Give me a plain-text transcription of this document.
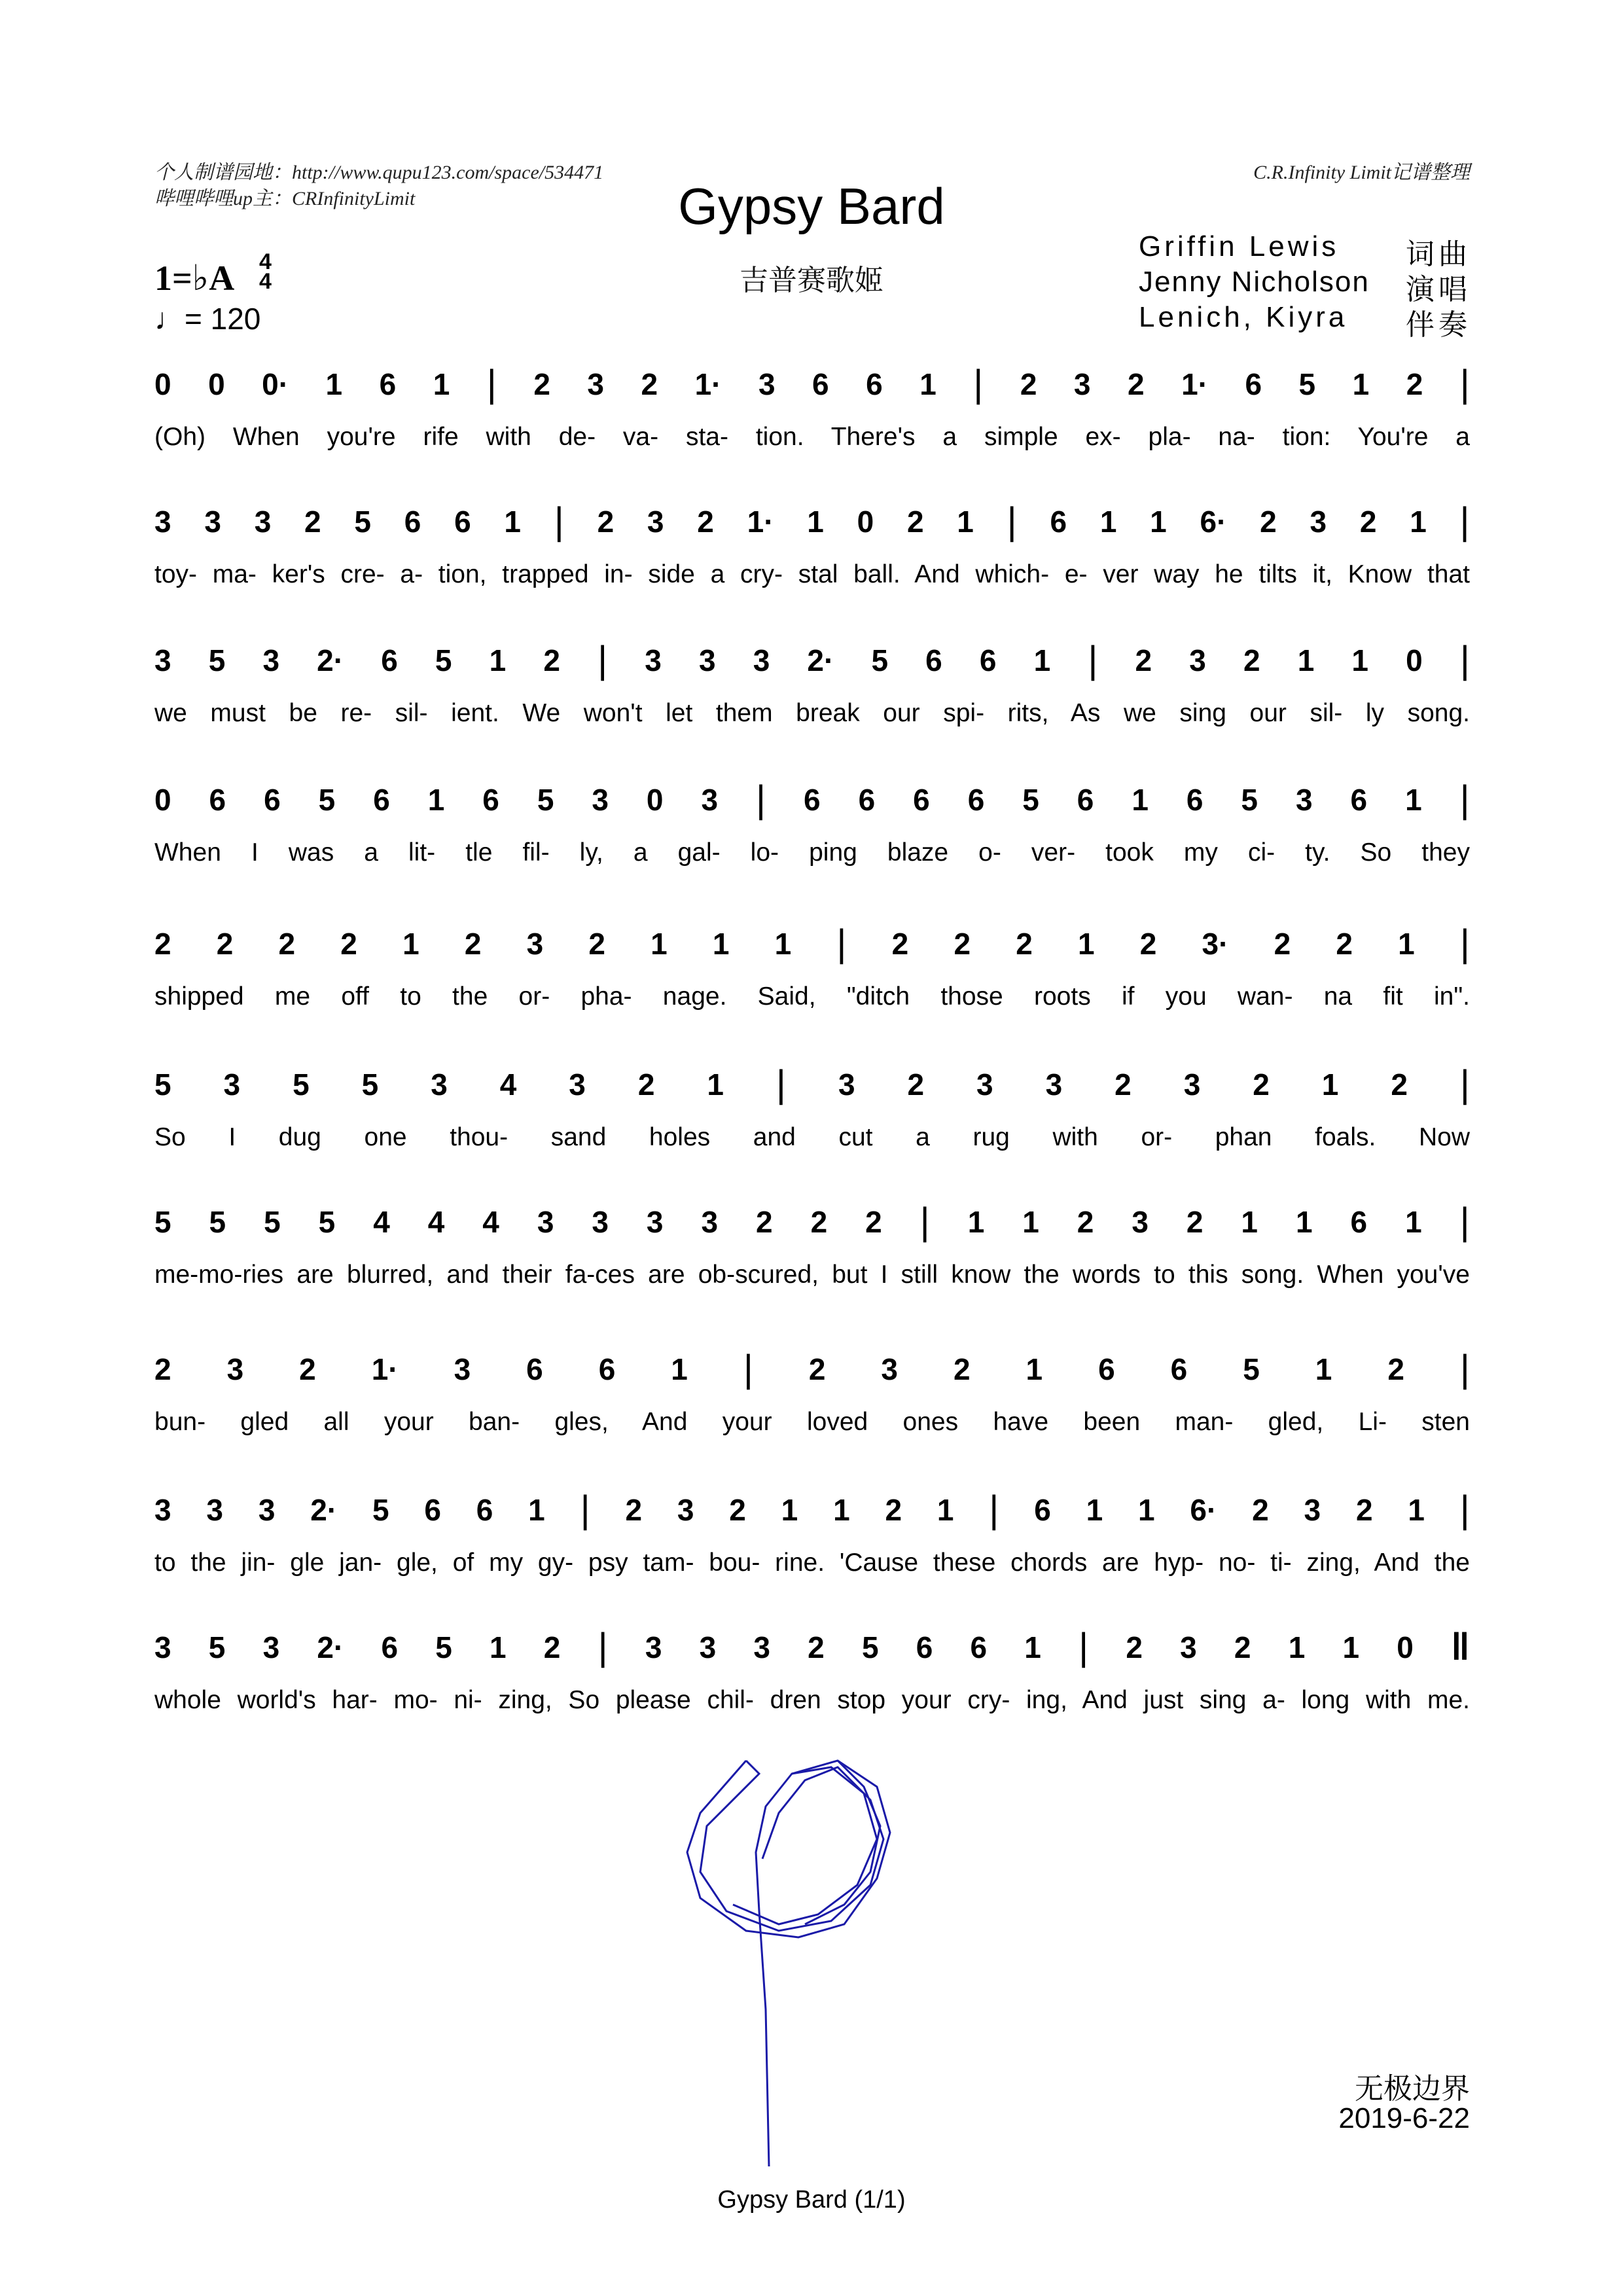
个人制谱园地：http://www.qupu123.com/space/534471
哔哩哔哩up主：CRInfinityLimit
C.R.Infinity Limit记谱整理
Gypsy Bard
吉普赛歌姬
1=♭A 4
4
♩= 120
Griffin Lewis 词曲
Jenny Nicholson 演唱
Lenich, Kiyra 伴奏
0 0 0· 1 6 1 | 2 3 2 1· 3 6 6 1 | 2 3 2 1· 6 5 1 2 |
(Oh) When you're rife with de- va- sta- tion. There's a simple ex- pla- na- tion: You're a
3 3 3 2 5 6 6 1 | 2 3 2 1· 1 0 2 1 | 6 1 1 6· 2 3 2 1 |
toy- ma- ker's cre- a- tion, trapped in- side a cry- stal ball. And which- e- ver way he tilts it, Know that
3 5 3 2· 6 5 1 2 | 3 3 3 2· 5 6 6 1 | 2 3 2 1 1 0 |
we must be re- sil- ient. We won't let them break our spi- rits, As we sing our sil- ly song.
0 6 6 5 6 1 6 5 3 0 3 | 6 6 6 6 5 6 1 6 5 3 6 1 |
When I was a lit- tle fil- ly, a gal- lo- ping blaze o- ver- took my ci- ty. So they
2 2 2 2 1 2 3 2 1 1 1 | 2 2 2 1 2 3· 2 2 1 |
shipped me off to the or- pha- nage. Said, "ditch those roots if you wan- na fit in".
5 3 5 5 3 4 3 2 1 | 3 2 3 3 2 3 2 1 2 |
So I dug one thou- sand holes and cut a rug with or- phan foals. Now
5 5 5 5 4 4 4 3 3 3 3 2 2 2 | 1 1 2 3 2 1 1 6 1 |
me-mo-ries are blurred, and their fa-ces are ob-scured, but I still know the words to this song. When you've
2 3 2 1· 3 6 6 1 | 2 3 2 1 6 6 5 1 2 |
bun- gled all your ban- gles, And your loved ones have been man- gled, Li- sten
3 3 3 2· 5 6 6 1 | 2 3 2 1 1 2 1 | 6 1 1 6· 2 3 2 1 |
to the jin- gle jan- gle, of my gy- psy tam- bou- rine. 'Cause these chords are hyp- no- ti- zing, And the
3 5 3 2· 6 5 1 2 | 3 3 3 2 5 6 6 1 | 2 3 2 1 1 0 ‖
whole world's har- mo- ni- zing, So please chil- dren stop your cry- ing, And just sing a- long with me.
无极边界
2019-6-22
Gypsy Bard (1/1)
